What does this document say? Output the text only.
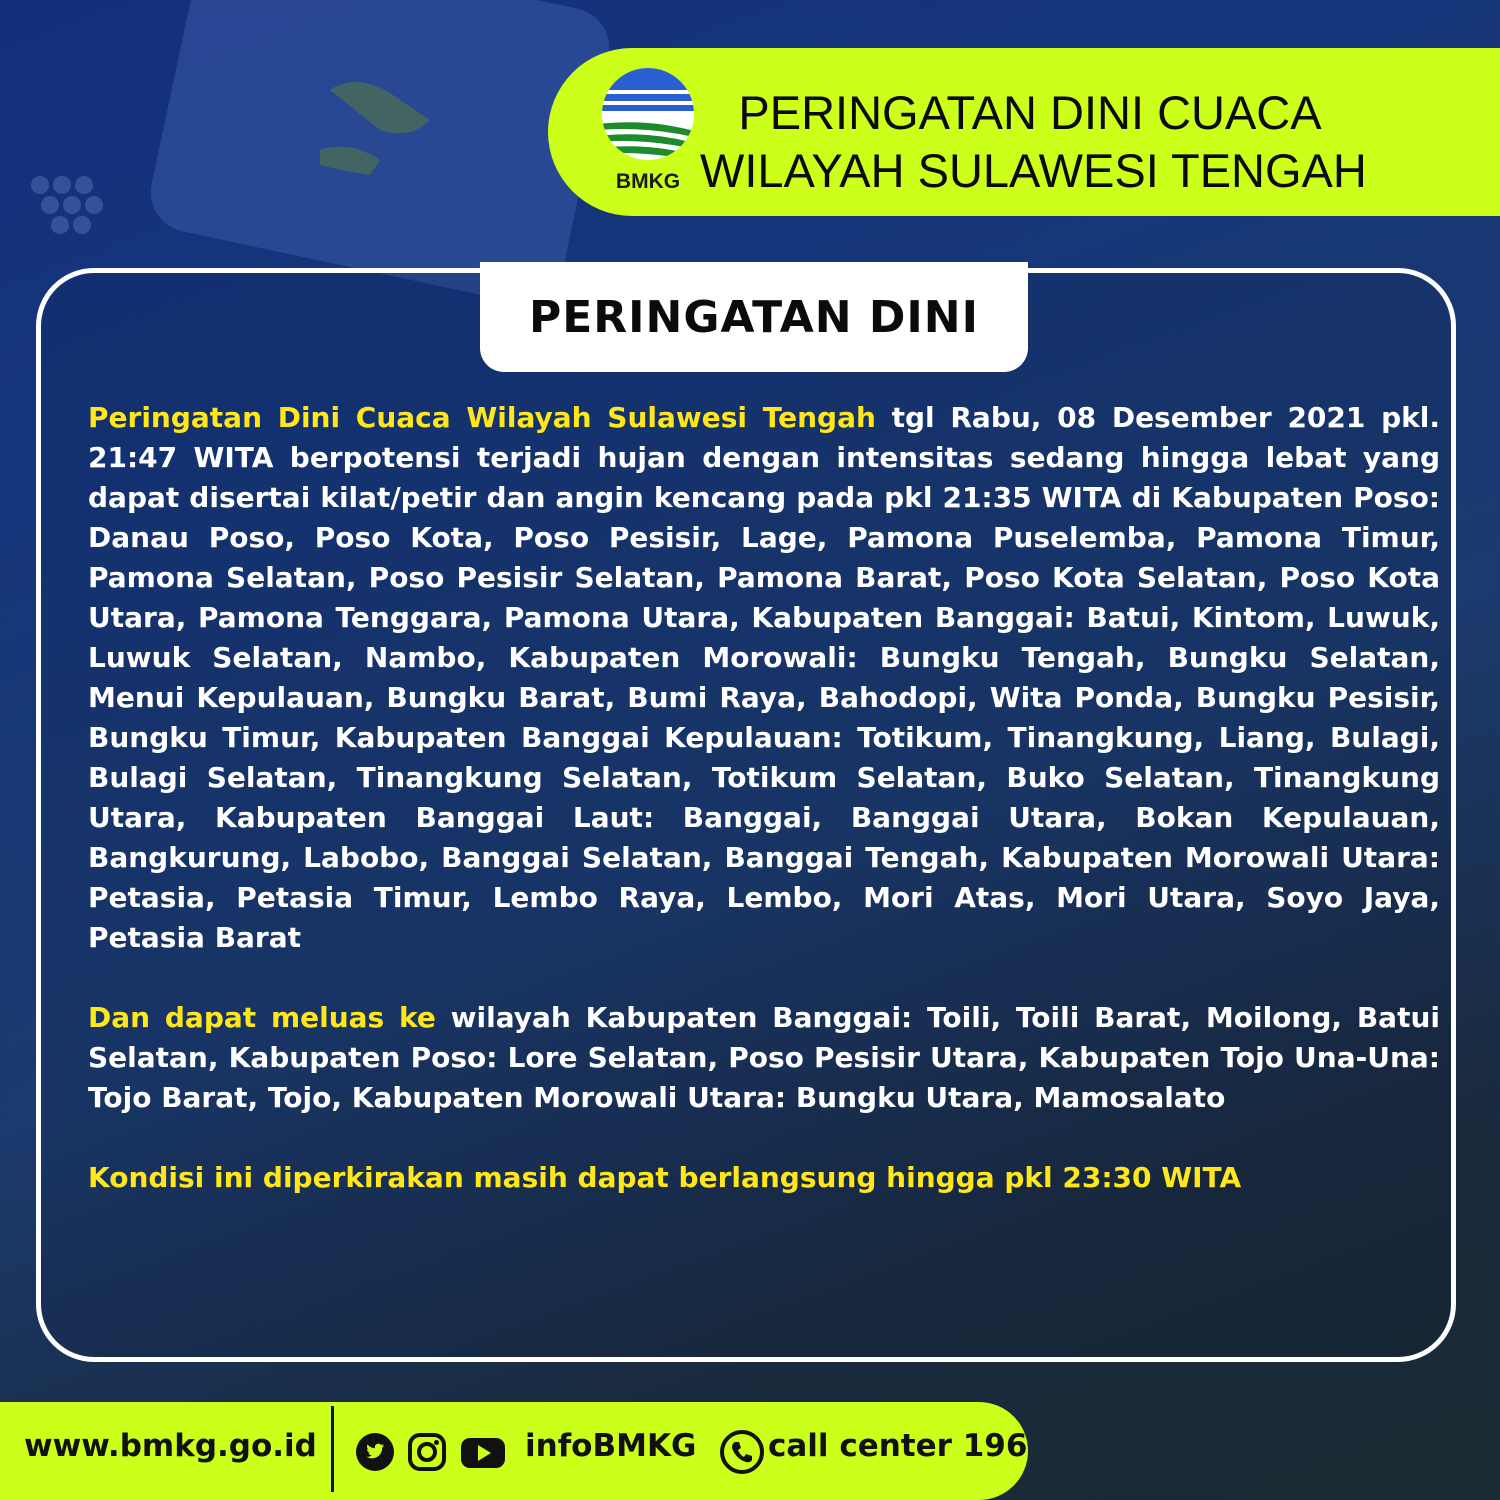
BMKG
PERINGATAN DINI CUACA
WILAYAH SULAWESI TENGAH
PERINGATAN DINI

Peringatan Dini Cuaca Wilayah Sulawesi Tengah tgl Rabu, 08 Desember 2021 pkl. 21:47 WITA berpotensi terjadi hujan dengan intensitas sedang hingga lebat yang dapat disertai kilat/petir dan angin kencang pada pkl 21:35 WITA di Kabupaten Poso: Danau Poso, Poso Kota, Poso Pesisir, Lage, Pamona Puselemba, Pamona Timur, Pamona Selatan, Poso Pesisir Selatan, Pamona Barat, Poso Kota Selatan, Poso Kota Utara, Pamona Tenggara, Pamona Utara, Kabupaten Banggai: Batui, Kintom, Luwuk, Luwuk Selatan, Nambo, Kabupaten Morowali: Bungku Tengah, Bungku Selatan, Menui Kepulauan, Bungku Barat, Bumi Raya, Bahodopi, Wita Ponda, Bungku Pesisir, Bungku Timur, Kabupaten Banggai Kepulauan: Totikum, Tinangkung, Liang, Bulagi, Bulagi Selatan, Tinangkung Selatan, Totikum Selatan, Buko Selatan, Tinangkung Utara, Kabupaten Banggai Laut: Banggai, Banggai Utara, Bokan Kepulauan, Bangkurung, Labobo, Banggai Selatan, Banggai Tengah, Kabupaten Morowali Utara: Petasia, Petasia Timur, Lembo Raya, Lembo, Mori Atas, Mori Utara, Soyo Jaya, Petasia Barat

Dan dapat meluas ke wilayah Kabupaten Banggai: Toili, Toili Barat, Moilong, Batui Selatan, Kabupaten Poso: Lore Selatan, Poso Pesisir Utara, Kabupaten Tojo Una-Una: Tojo Barat, Tojo, Kabupaten Morowali Utara: Bungku Utara, Mamosalato

Kondisi ini diperkirakan masih dapat berlangsung hingga pkl 23:30 WITA

www.bmkg.go.id	infoBMKG call center 196
